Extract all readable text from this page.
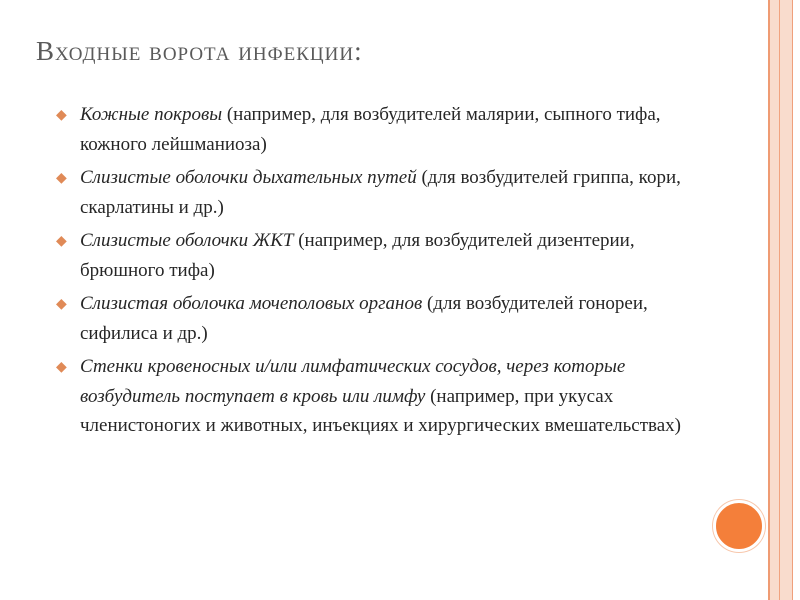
Входные ворота инфекции:
◆ Кожные покровы (например, для возбудителей малярии, сыпного тифа, кожного лейшманиоза)
◆ Слизистые оболочки дыхательных путей (для возбудителей гриппа, кори, скарлатины и др.)
◆ Слизистые оболочки ЖКТ (например, для возбудителей дизентерии, брюшного тифа)
◆ Слизистая оболочка мочеполовых органов (для возбудителей гонореи, сифилиса и др.)
◆ Стенки кровеносных и/или лимфатических сосудов, через которые возбудитель поступает в кровь или лимфу (например, при укусах членистоногих и животных, инъекциях и хирургических вмешательствах)
